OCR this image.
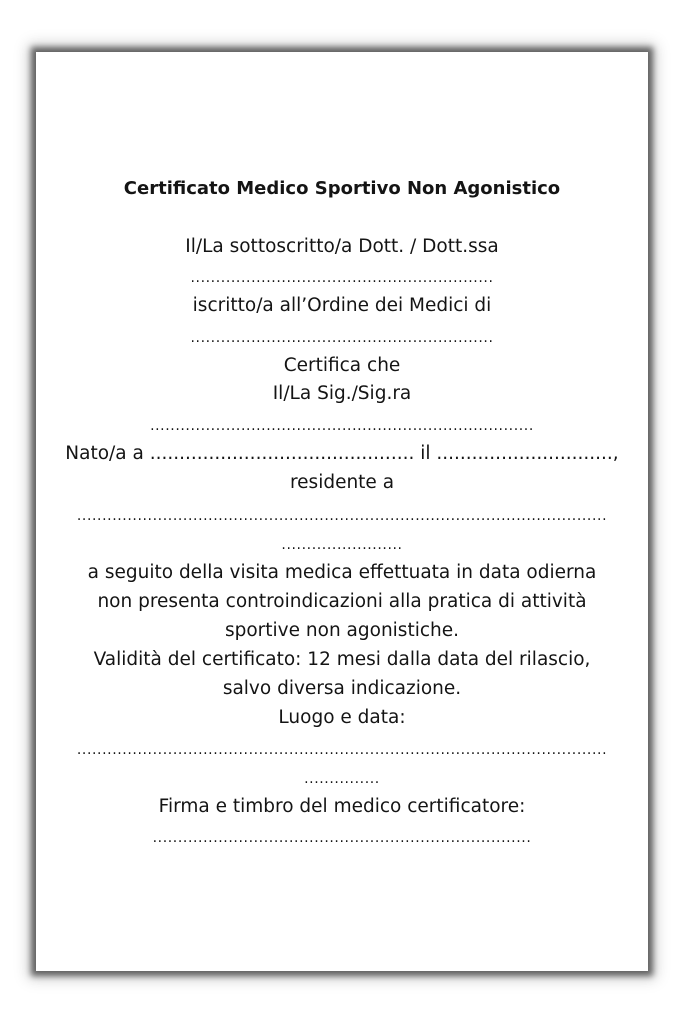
Certificato Medico Sportivo Non Agonistico
Il/La sottoscritto/a Dott. / Dott.ssa
............................................................
iscritto/a all’Ordine dei Medici di
............................................................
Certifica che
Il/La Sig./Sig.ra
............................................................................
Nato/a a ............................................. il ..............................,
residente a
.........................................................................................................
........................
a seguito della visita medica effettuata in data odierna
non presenta controindicazioni alla pratica di attività
sportive non agonistiche.
Validità del certificato: 12 mesi dalla data del rilascio,
salvo diversa indicazione.
Luogo e data:
.........................................................................................................
...............
Firma e timbro del medico certificatore:
...........................................................................
